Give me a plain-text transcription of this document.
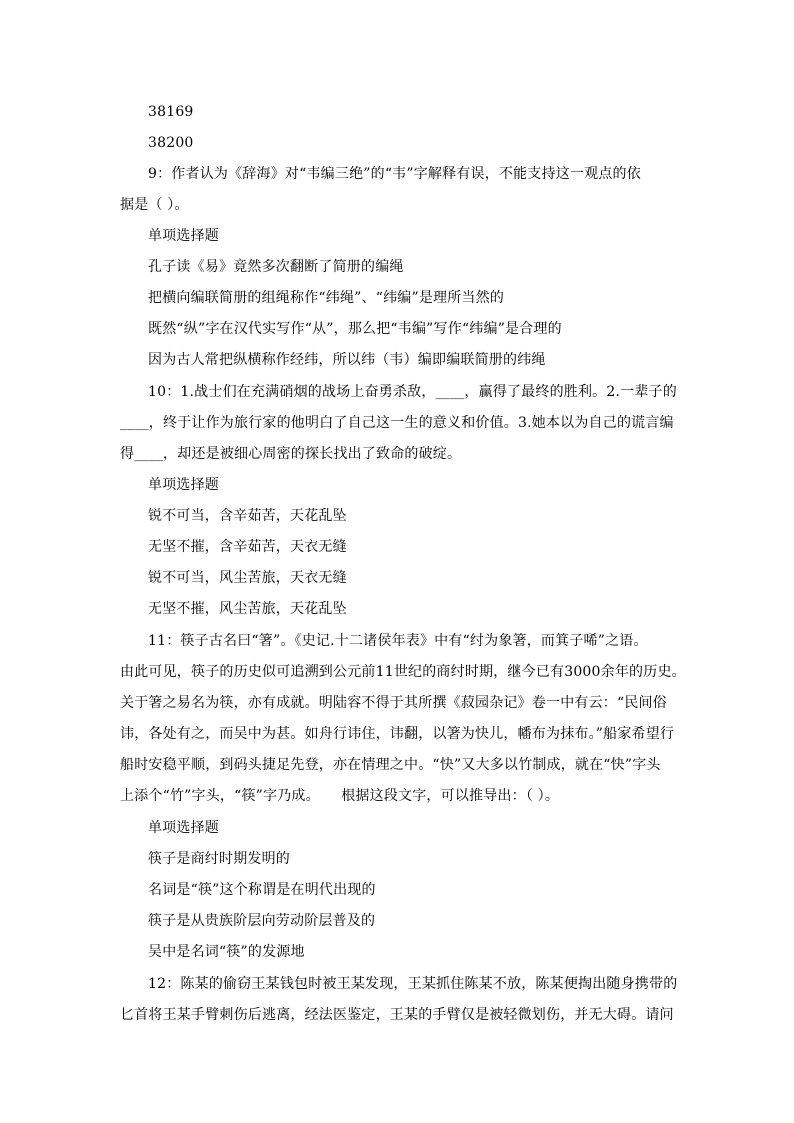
38169
38200
9：作者认为《辞海》对“韦编三绝”的“韦”字解释有误，不能支持这一观点的依
据是（ ）。
单项选择题
孔子读《易》竟然多次翻断了简册的编绳
把横向编联简册的组绳称作“纬绳”、“纬编”是理所当然的
既然“纵”字在汉代实写作“从”，那么把“韦编”写作“纬编”是合理的
因为古人常把纵横称作经纬，所以纬（韦）编即编联简册的纬绳
10：1.战士们在充满硝烟的战场上奋勇杀敌，____，赢得了最终的胜利。2.一辈子的
____，终于让作为旅行家的他明白了自己这一生的意义和价值。3.她本以为自己的谎言编
得____，却还是被细心周密的探长找出了致命的破绽。
单项选择题
锐不可当，含辛茹苦，天花乱坠
无坚不摧，含辛茹苦，天衣无缝
锐不可当，风尘苦旅，天衣无缝
无坚不摧，风尘苦旅，天花乱坠
11：筷子古名曰“箸”。《史记.十二诸侯年表》中有“纣为象箸，而箕子唏”之语。
由此可见，筷子的历史似可追溯到公元前11世纪的商纣时期，继今已有3000余年的历史。
关于箸之易名为筷，亦有成就。明陆容不得于其所撰《菽园杂记》卷一中有云：“民间俗
讳，各处有之，而吴中为甚。如舟行讳住，讳翻，以箸为快儿，幡布为抹布。”船家希望行
船时安稳平顺，到码头捷足先登，亦在情理之中。“快”又大多以竹制成，就在“快”字头
上添个“竹”字头，“筷”字乃成。　　根据这段文字，可以推导出：（ ）。
单项选择题
筷子是商纣时期发明的
名词是“筷”这个称谓是在明代出现的
筷子是从贵族阶层向劳动阶层普及的
吴中是名词“筷”的发源地
12：陈某的偷窃王某钱包时被王某发现，王某抓住陈某不放，陈某便掏出随身携带的
匕首将王某手臂刺伤后逃离，经法医鉴定，王某的手臂仅是被轻微划伤，并无大碍。请问
